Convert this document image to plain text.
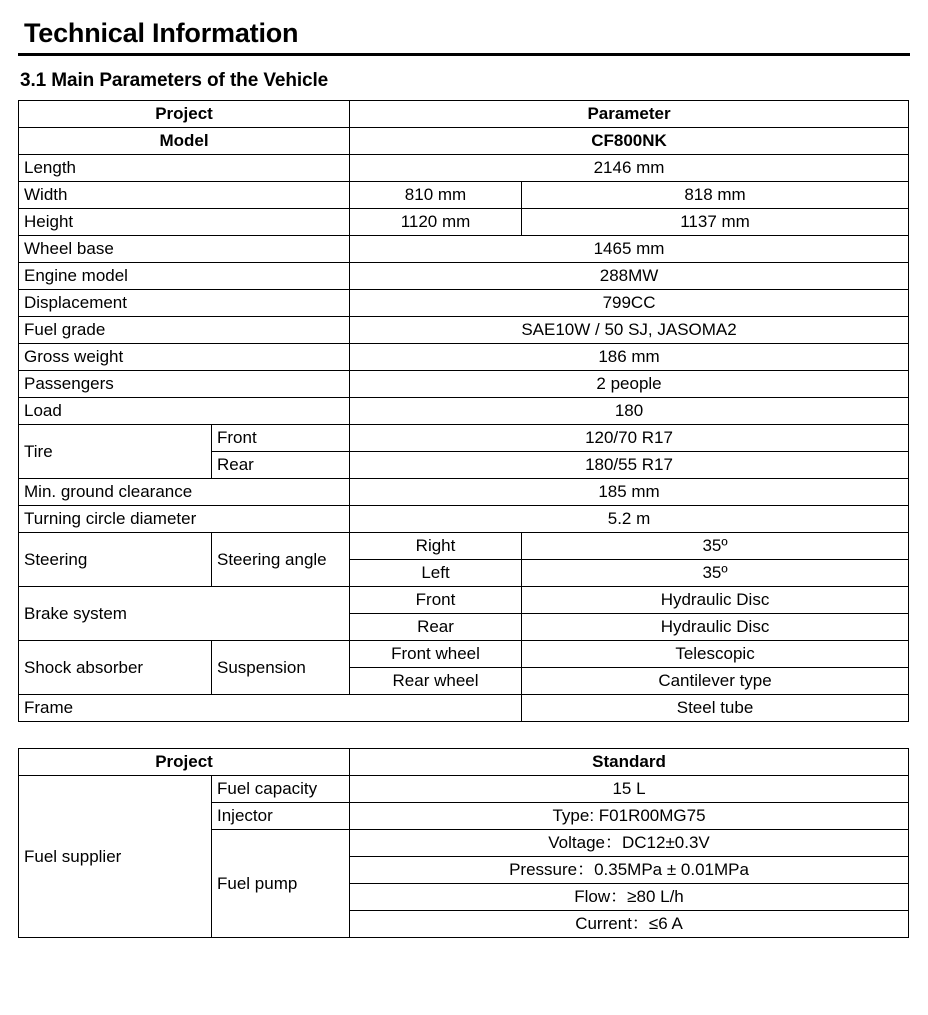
Technical Information
3.1 Main Parameters of the Vehicle
Project		Parameter	
Model		CF800NK	
Length		2146 mm	
Width		810 mm	818 mm
Height		1120 mm	1137 mm
Wheel base		1465 mm	
Engine model		288MW	
Displacement		799CC	
Fuel grade		SAE10W / 50 SJ, JASOMA2	
Gross weight		186 mm	
Passengers		2 people	
Load		180	
Tire	Front	120/70 R17	
	Rear	180/55 R17	
Min. ground clearance		185 mm	
Turning circle diameter		5.2 m	
Steering	Steering angle	Right	35º
		Left	35º
Brake system		Front	Hydraulic Disc
		Rear	Hydraulic Disc
Shock absorber	Suspension	Front wheel	Telescopic
		Rear wheel	Cantilever type
Frame			Steel tube
Project		Standard
Fuel supplier	Fuel capacity	15 L
	Injector	Type: F01R00MG75
	Fuel pump	Voltage：DC12±0.3V
		Pressure：0.35MPa ± 0.01MPa
		Flow：≥80 L/h
		Current：≤6 A
